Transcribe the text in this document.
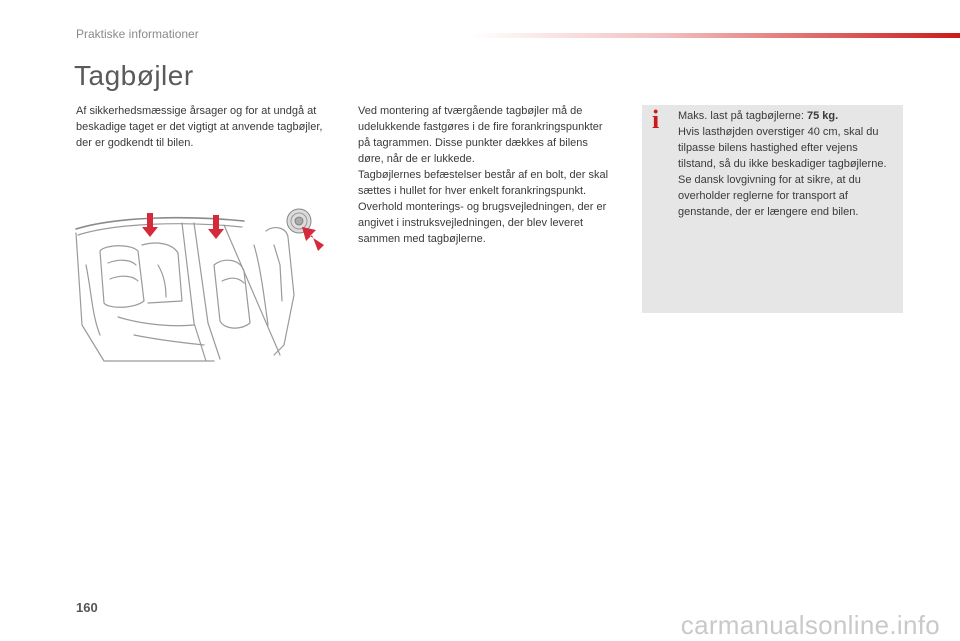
Praktiske informationer
Tagbøjler

Af sikkerhedsmæssige årsager og for at undgå at beskadige taget er det vigtigt at anvende tagbøjler, der er godkendt til bilen.

Ved montering af tværgående tagbøjler må de udelukkende fastgøres i de fire forankringspunkter på tagrammen. Disse punkter dækkes af bilens døre, når de er lukkede.

Tagbøjlernes befæstelser består af en bolt, der skal sættes i hullet for hver enkelt forankringspunkt.

Overhold monterings- og brugsvejledningen, der er angivet i instruksvejledningen, der blev leveret sammen med tagbøjlerne.

i	Maks. last på tagbøjlerne: 75 kg.

Hvis lasthøjden overstiger 40 cm, skal du tilpasse bilens hastighed efter vejens tilstand, så du ikke beskadiger tagbøjlerne.

Se dansk lovgivning for at sikre, at du overholder reglerne for transport af genstande, der er længere end bilen.

160
carmanualsonline.info
